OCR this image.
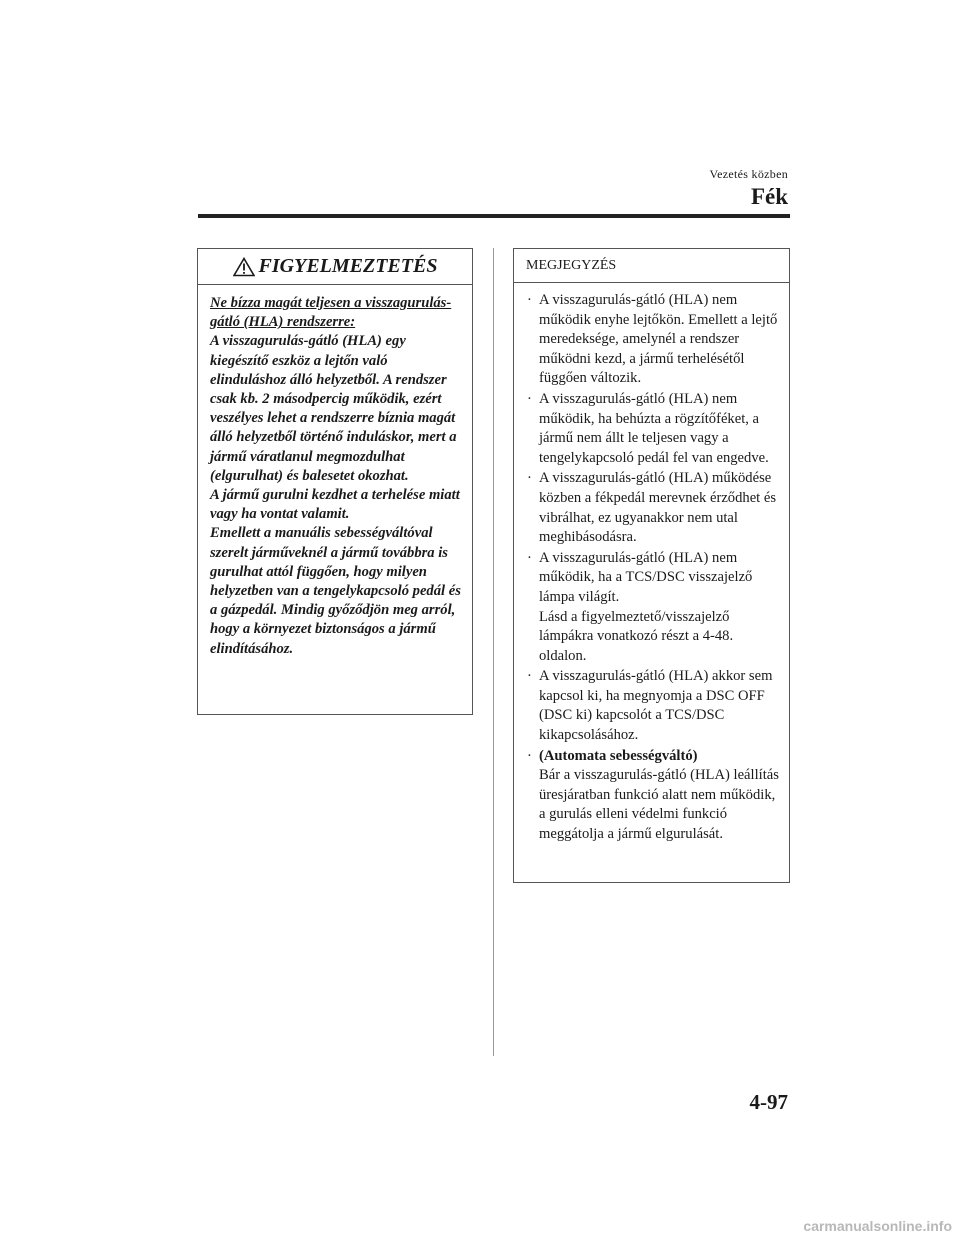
Vezetés közben
Fék
FIGYELMEZTETÉS

Ne bízza magát teljesen a visszagurulás-gátló (HLA) rendszerre:

A visszagurulás-gátló (HLA) egy kiegészítő eszköz a lejtőn való elinduláshoz álló helyzetből. A rendszer csak kb. 2 másodpercig működik, ezért veszélyes lehet a rendszerre bíznia magát álló helyzetből történő induláskor, mert a jármű váratlanul megmozdulhat (elgurulhat) és balesetet okozhat.

A jármű gurulni kezdhet a terhelése miatt vagy ha vontat valamit.

Emellett a manuális sebességváltóval szerelt járműveknél a jármű továbbra is gurulhat attól függően, hogy milyen helyzetben van a tengelykapcsoló pedál és a gázpedál. Mindig győződjön meg arról, hogy a környezet biztonságos a jármű elindításához.

MEGJEGYZÉS
· A visszagurulás-gátló (HLA) nem működik enyhe lejtőkön. Emellett a lejtő meredeksége, amelynél a rendszer működni kezd, a jármű terhelésétől függően változik.

· A visszagurulás-gátló (HLA) nem működik, ha behúzta a rögzítőféket, a jármű nem állt le teljesen vagy a tengelykapcsoló pedál fel van engedve.

· A visszagurulás-gátló (HLA) működése közben a fékpedál merevnek érződhet és vibrálhat, ez ugyanakkor nem utal meghibásodásra.

· A visszagurulás-gátló (HLA) nem működik, ha a TCS/DSC visszajelző lámpa világít.

Lásd a figyelmeztető/visszajelző lámpákra vonatkozó részt a 4-48. oldalon.

· A visszagurulás-gátló (HLA) akkor sem kapcsol ki, ha megnyomja a DSC OFF (DSC ki) kapcsolót a TCS/DSC kikapcsolásához.

· (Automata sebességváltó)

Bár a visszagurulás-gátló (HLA) leállítás üresjáratban funkció alatt nem működik, a gurulás elleni védelmi funkció meggátolja a jármű elgurulását.

4-97
carmanualsonline.info
